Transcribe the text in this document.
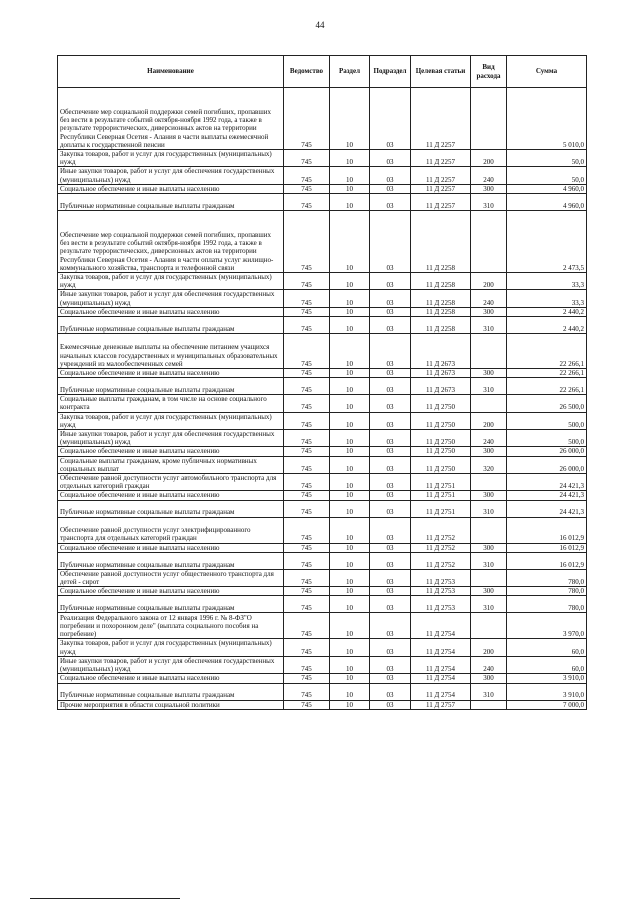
44
Наименование	Ведомство	Раздел	Подраздел	Целевая статьи	Вид расхода	Сумма
Обеспечение мер социальной поддержки семей погибших, пропавших без вести в результате событий октября-ноября 1992 года, а также в результате террористических, диверсионных актов на территории Республики Северная Осетия - Алания в части выплаты ежемесячной доплаты к государственной пенсии	745	10	03	11 Д 2257		5 010,0
Закупка товаров, работ и услуг для государственных (муниципальных) нужд	745	10	03	11 Д 2257	200	50,0
Иные закупки товаров, работ и услуг для обеспечения государственных (муниципальных) нужд	745	10	03	11 Д 2257	240	50,0
Социальное обеспечение и иные выплаты населению	745	10	03	11 Д 2257	300	4 960,0
Публичные нормативные социальные выплаты гражданам	745	10	03	11 Д 2257	310	4 960,0
Обеспечение мер социальной поддержки семей погибших, пропавших без вести в результате событий октября-ноября 1992 года, а также в результате террористических, диверсионных актов на территории Республики Северная Осетия - Алания в части оплаты услуг жилищно-коммунального хозяйства, транспорта и телефонной связи	745	10	03	11 Д 2258		2 473,5
Закупка товаров, работ и услуг для государственных (муниципальных) нужд	745	10	03	11 Д 2258	200	33,3
Иные закупки товаров, работ и услуг для обеспечения государственных (муниципальных) нужд	745	10	03	11 Д 2258	240	33,3
Социальное обеспечение и иные выплаты населению	745	10	03	11 Д 2258	300	2 440,2
Публичные нормативные социальные выплаты гражданам	745	10	03	11 Д 2258	310	2 440,2
Ежемесячные денежные выплаты на обеспечение питанием учащихся начальных классов государственных и муниципальных образовательных учреждений из малообеспеченных семей	745	10	03	11 Д 2673		22 266,1
Социальное обеспечение и иные выплаты населению	745	10	03	11 Д 2673	300	22 266,1
Публичные нормативные социальные выплаты гражданам	745	10	03	11 Д 2673	310	22 266,1
Социальные выплаты гражданам, в том числе на основе социального контракта	745	10	03	11 Д 2750		26 500,0
Закупка товаров, работ и услуг для государственных (муниципальных) нужд	745	10	03	11 Д 2750	200	500,0
Иные закупки товаров, работ и услуг для обеспечения государственных (муниципальных) нужд	745	10	03	11 Д 2750	240	500,0
Социальное обеспечение и иные выплаты населению	745	10	03	11 Д 2750	300	26 000,0
Социальные выплаты гражданам, кроме публичных нормативных социальных выплат	745	10	03	11 Д 2750	320	26 000,0
Обеспечение равной доступности услуг автомобильного транспорта для отдельных категорий граждан	745	10	03	11 Д 2751		24 421,3
Социальное обеспечение и иные выплаты населению	745	10	03	11 Д 2751	300	24 421,3
Публичные нормативные социальные выплаты гражданам	745	10	03	11 Д 2751	310	24 421,3
Обеспечение равной доступности услуг электрифицированного транспорта для отдельных категорий граждан	745	10	03	11 Д 2752		16 012,9
Социальное обеспечение и иные выплаты населению	745	10	03	11 Д 2752	300	16 012,9
Публичные нормативные социальные выплаты гражданам	745	10	03	11 Д 2752	310	16 012,9
Обеспечение равной доступности услуг общественного транспорта для детей - сирот	745	10	03	11 Д 2753		780,0
Социальное обеспечение и иные выплаты населению	745	10	03	11 Д 2753	300	780,0
Публичные нормативные социальные выплаты гражданам	745	10	03	11 Д 2753	310	780,0
Реализация Федерального закона от 12 января 1996 г. № 8-ФЗ"О погребении и похоронном деле" (выплата социального пособия на погребение)	745	10	03	11 Д 2754		3 970,0
Закупка товаров, работ и услуг для государственных (муниципальных) нужд	745	10	03	11 Д 2754	200	60,0
Иные закупки товаров, работ и услуг для обеспечения государственных (муниципальных) нужд	745	10	03	11 Д 2754	240	60,0
Социальное обеспечение и иные выплаты населению	745	10	03	11 Д 2754	300	3 910,0
Публичные нормативные социальные выплаты гражданам	745	10	03	11 Д 2754	310	3 910,0
Прочие мероприятия в области социальной политики	745	10	03	11 Д 2757		7 000,0
